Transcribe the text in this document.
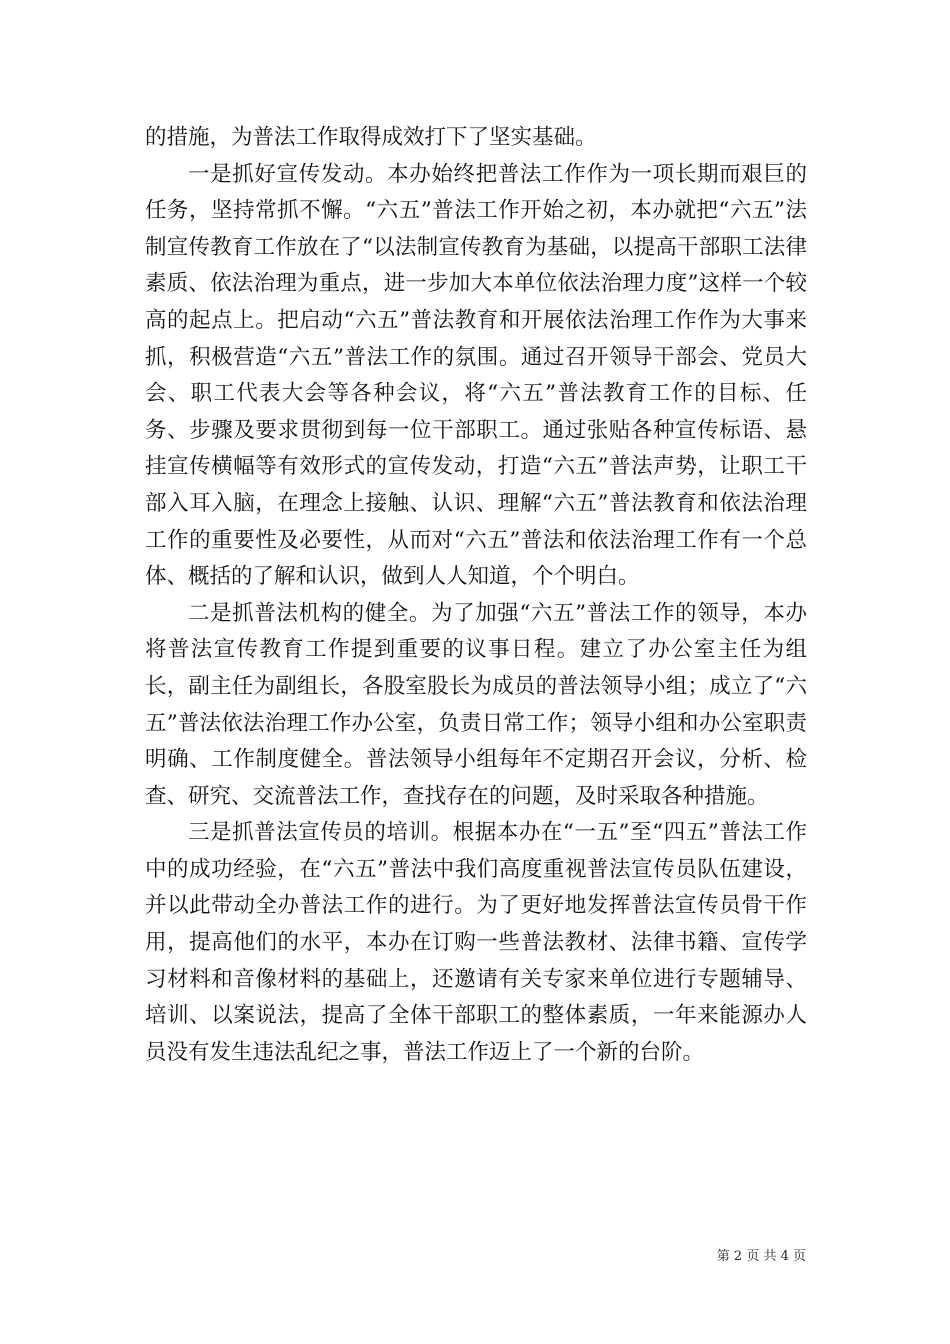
的措施，为普法工作取得成效打下了坚实基础。

一是抓好宣传发动。本办始终把普法工作作为一项长期而艰巨的任务，坚持常抓不懈。“六五”普法工作开始之初，本办就把“六五”法制宣传教育工作放在了“以法制宣传教育为基础，以提高干部职工法律素质、依法治理为重点，进一步加大本单位依法治理力度”这样一个较高的起点上。把启动“六五”普法教育和开展依法治理工作作为大事来抓，积极营造“六五”普法工作的氛围。通过召开领导干部会、党员大会、职工代表大会等各种会议，将“六五”普法教育工作的目标、任务、步骤及要求贯彻到每一位干部职工。通过张贴各种宣传标语、悬挂宣传横幅等有效形式的宣传发动，打造“六五”普法声势，让职工干部入耳入脑，在理念上接触、认识、理解“六五”普法教育和依法治理工作的重要性及必要性，从而对“六五”普法和依法治理工作有一个总体、概括的了解和认识，做到人人知道，个个明白。

二是抓普法机构的健全。为了加强“六五”普法工作的领导，本办将普法宣传教育工作提到重要的议事日程。建立了办公室主任为组长，副主任为副组长，各股室股长为成员的普法领导小组；成立了“六五”普法依法治理工作办公室，负责日常工作；领导小组和办公室职责明确、工作制度健全。普法领导小组每年不定期召开会议，分析、检查、研究、交流普法工作，查找存在的问题，及时采取各种措施。

三是抓普法宣传员的培训。根据本办在“一五”至“四五”普法工作中的成功经验，在“六五”普法中我们高度重视普法宣传员队伍建设，并以此带动全办普法工作的进行。为了更好地发挥普法宣传员骨干作用，提高他们的水平，本办在订购一些普法教材、法律书籍、宣传学习材料和音像材料的基础上，还邀请有关专家来单位进行专题辅导、培训、以案说法，提高了全体干部职工的整体素质，一年来能源办人员没有发生违法乱纪之事，普法工作迈上了一个新的台阶。

第 2 页 共 4 页
